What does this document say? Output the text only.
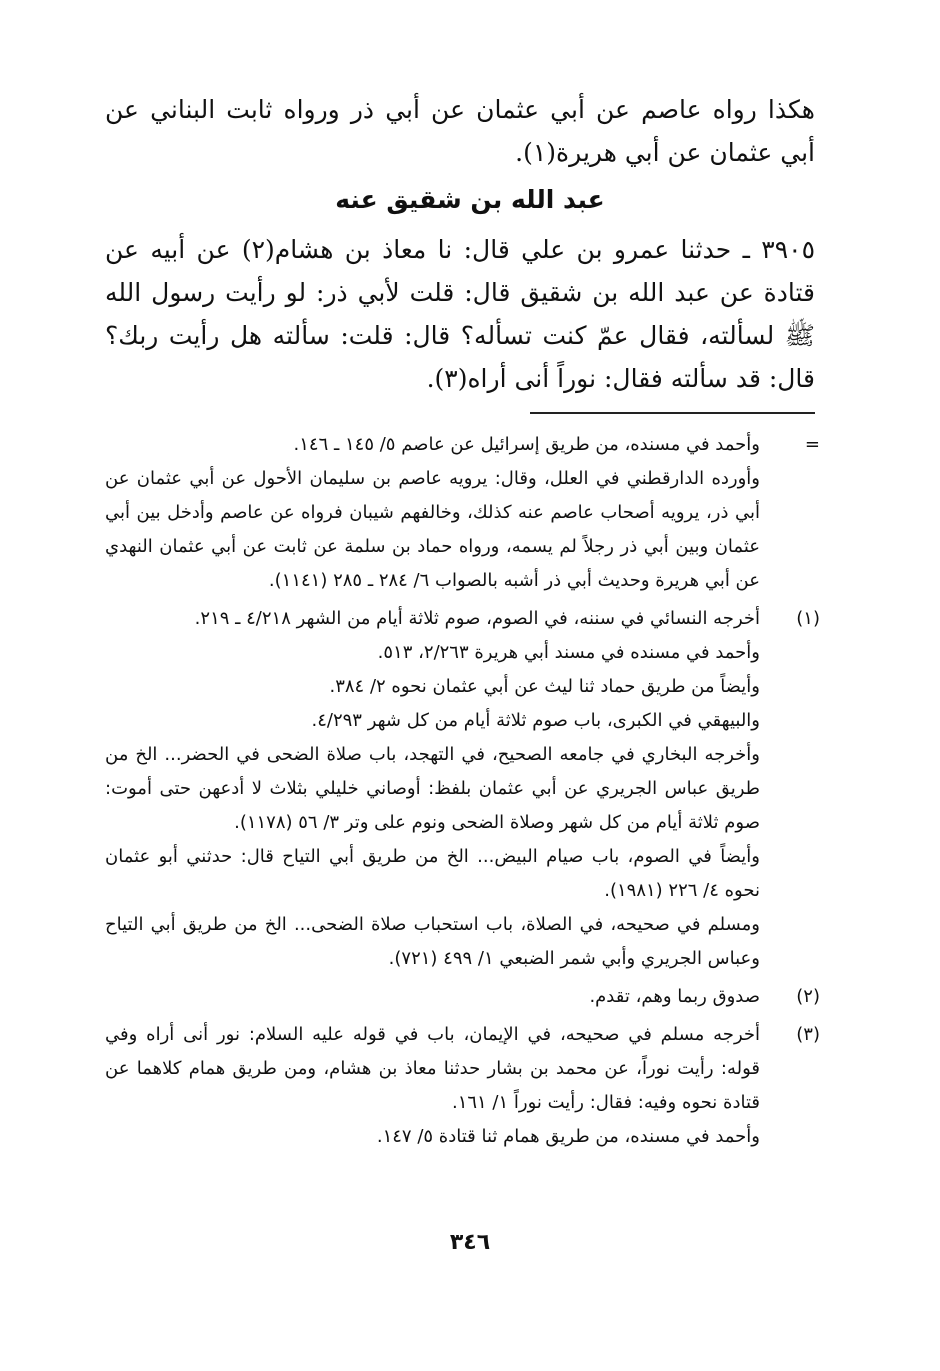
هكذا رواه عاصم عن أبي عثمان عن أبي ذر ورواه ثابت البناني عن أبي عثمان عن أبي هريرة(١).
عبد الله بن شقيق عنه
٣٩٠٥ ـ حدثنا عمرو بن علي قال: نا معاذ بن هشام(٢) عن أبيه عن قتادة عن عبد الله بن شقيق قال: قلت لأبي ذر: لو رأيت رسول الله ﷺ لسألته، فقال عمّ كنت تسأله؟ قال: قلت: سألته هل رأيت ربك؟ قال: قد سألته فقال: نوراً أنى أراه(٣).
=

وأحمد في مسنده، من طريق إسرائيل عن عاصم ٥/ ١٤٥ ـ ١٤٦.

وأورده الدارقطني في العلل، وقال: يرويه عاصم بن سليمان الأحول عن أبي عثمان عن أبي ذر، يرويه أصحاب عاصم عنه كذلك، وخالفهم شيبان فرواه عن عاصم وأدخل بين أبي عثمان وبين أبي ذر رجلاً لم يسمه، ورواه حماد بن سلمة عن ثابت عن أبي عثمان النهدي عن أبي هريرة وحديث أبي ذر أشبه بالصواب ٦/ ٢٨٤ ـ ٢٨٥ (١١٤١).

(١)

أخرجه النسائي في سننه، في الصوم، صوم ثلاثة أيام من الشهر ٤/٢١٨ ـ ٢١٩.

وأحمد في مسنده في مسند أبي هريرة ٢/٢٦٣، ٥١٣.

وأيضاً من طريق حماد ثنا ليث عن أبي عثمان نحوه ٢/ ٣٨٤.

والبيهقي في الكبرى، باب صوم ثلاثة أيام من كل شهر ٤/٢٩٣.

وأخرجه البخاري في جامعه الصحيح، في التهجد، باب صلاة الضحى في الحضر... الخ من طريق عباس الجريري عن أبي عثمان بلفظ: أوصاني خليلي بثلاث لا أدعهن حتى أموت: صوم ثلاثة أيام من كل شهر وصلاة الضحى ونوم على وتر ٣/ ٥٦ (١١٧٨).

وأيضاً في الصوم، باب صيام البيض... الخ من طريق أبي التياح قال: حدثني أبو عثمان نحوه ٤/ ٢٢٦ (١٩٨١).

ومسلم في صحيحه، في الصلاة، باب استحباب صلاة الضحى... الخ من طريق أبي التياح وعباس الجريري وأبي شمر الضبعي ١/ ٤٩٩ (٧٢١).

(٢)

صدوق ربما وهم، تقدم.

(٣)

أخرجه مسلم في صحيحه، في الإيمان، باب في قوله عليه السلام: نور أنى أراه وفي قوله: رأيت نوراً، عن محمد بن بشار حدثنا معاذ بن هشام، ومن طريق همام كلاهما عن قتادة نحوه وفيه: فقال: رأيت نوراً ١/ ١٦١.

وأحمد في مسنده، من طريق همام ثنا قتادة ٥/ ١٤٧.

٣٤٦
